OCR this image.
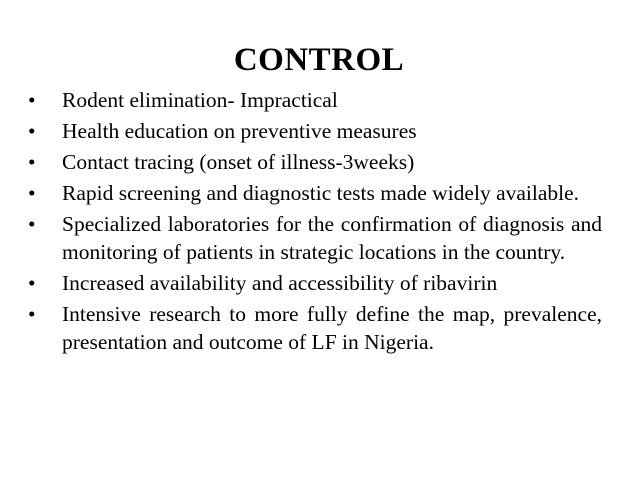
CONTROL
•	Rodent elimination- Impractical
•	Health education on preventive measures
•	Contact tracing (onset of illness-3weeks)
•	Rapid screening and diagnostic tests made widely available.
•	Specialized laboratories for the confirmation of diagnosis and monitoring of patients in strategic locations in the country.
•	Increased availability and accessibility of ribavirin
•	Intensive research to more fully define the map, prevalence, presentation and outcome of LF in Nigeria.
